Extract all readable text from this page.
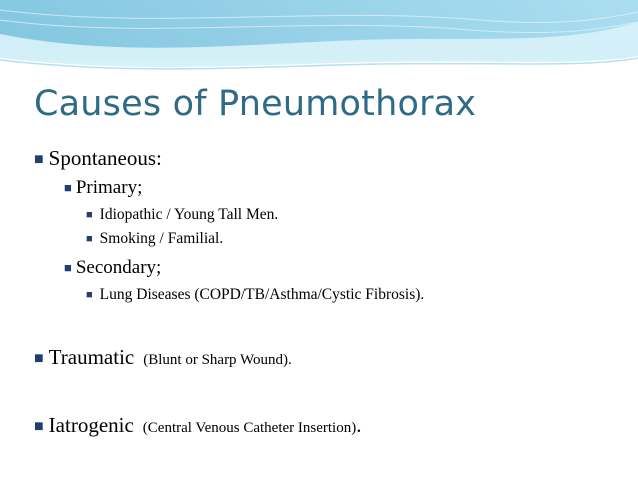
Causes of Pneumothorax
■ Spontaneous:
■ Primary;
■ Idiopathic / Young Tall Men.
■ Smoking / Familial.
■ Secondary;
■ Lung Diseases (COPD/TB/Asthma/Cystic Fibrosis).
■ Traumatic (Blunt or Sharp Wound).
■ Iatrogenic (Central Venous Catheter Insertion) .
